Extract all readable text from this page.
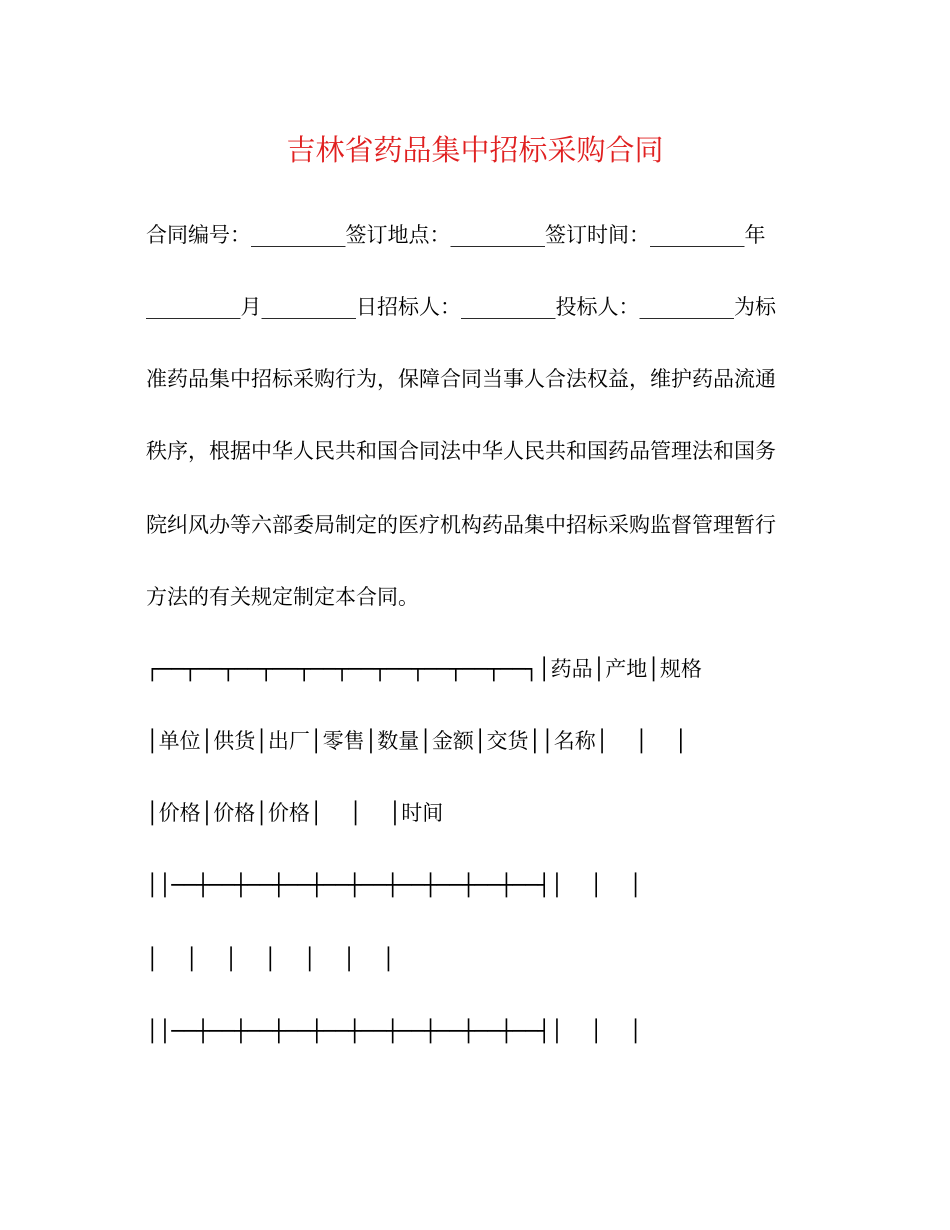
吉林省药品集中招标采购合同

合同编号：_________签订地点：_________签订时间：_________年

_________月_________日招标人：_________投标人：_________为标

准药品集中招标采购行为，保障合同当事人合法权益，维护药品流通

秩序，根据中华人民共和国合同法中华人民共和国药品管理法和国务

院纠风办等六部委局制定的医疗机构药品集中招标采购监督管理暂行

方法的有关规定制定本合同。

┌──┬──┬──┬──┬──┬──┬──┬──┬──┬──┐│药品│产地│规格

│单位│供货│出厂│零售│数量│金额│交货││名称│    │    │

│价格│价格│价格│    │    │时间

││──┼──┼──┼──┼──┼──┼──┼──┼──┼──┤│    │    │

│    │    │    │    │    │    │

││──┼──┼──┼──┼──┼──┼──┼──┼──┼──┤│    │    │
